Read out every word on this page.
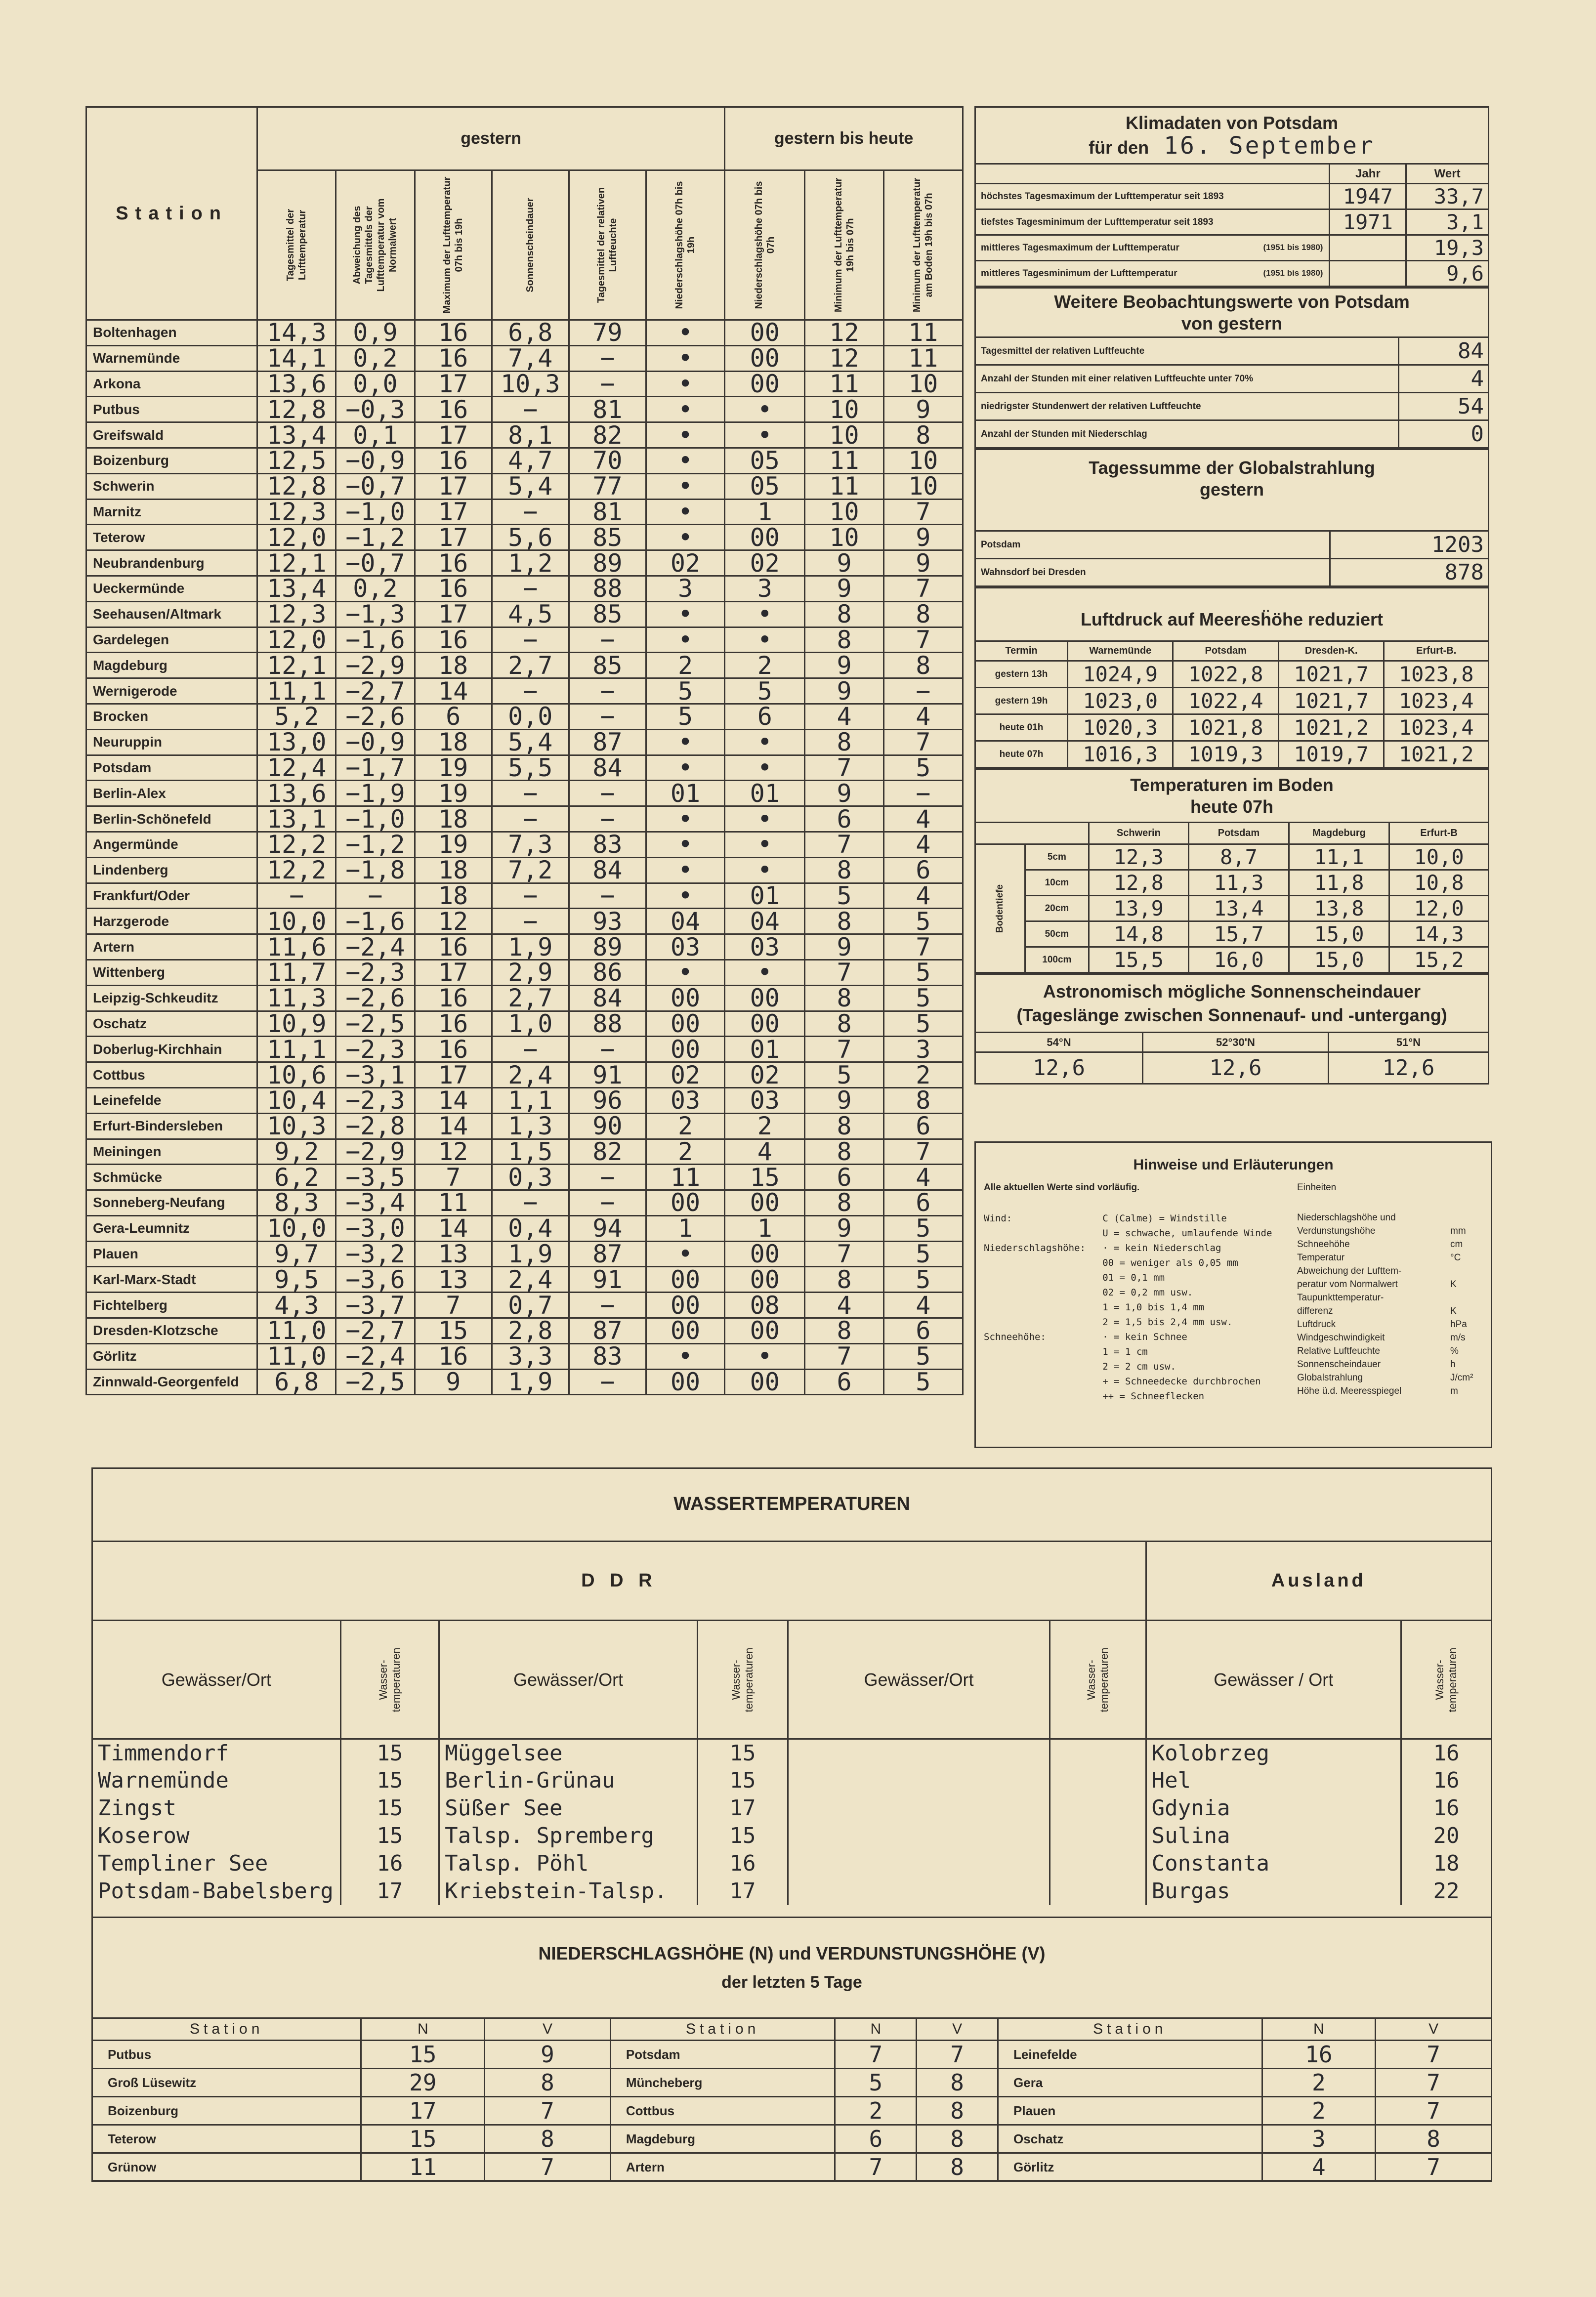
Station	gestern						gestern bis heute		

	Tagesmittel der Lufttemperatur	Abweichung des Tagesmittels der Lufttemperatur vom Normalwert	Maximum der Lufttemperatur 07h bis 19h	Sonnenscheindauer	Tagesmittel der relativen Luftfeuchte	Niederschlagshöhe 07h bis 19h	Niederschlagshöhe 07h bis 07h	Minimum der Lufttemperatur 19h bis 07h	Minimum der Lufttemperatur am Boden 19h bis 07h

Boltenhagen	14,3	0,9	16	6,8	79	•	00	12	11
Warnemünde	14,1	0,2	16	7,4	−	•	00	12	11
Arkona	13,6	0,0	17	10,3	−	•	00	11	10
Putbus	12,8	−0,3	16	−	81	•	•	10	9
Greifswald	13,4	0,1	17	8,1	82	•	•	10	8
Boizenburg	12,5	−0,9	16	4,7	70	•	05	11	10
Schwerin	12,8	−0,7	17	5,4	77	•	05	11	10
Marnitz	12,3	−1,0	17	−	81	•	1	10	7
Teterow	12,0	−1,2	17	5,6	85	•	00	10	9
Neubrandenburg	12,1	−0,7	16	1,2	89	02	02	9	9
Ueckermünde	13,4	0,2	16	−	88	3	3	9	7
Seehausen/Altmark	12,3	−1,3	17	4,5	85	•	•	8	8
Gardelegen	12,0	−1,6	16	−	−	•	•	8	7
Magdeburg	12,1	−2,9	18	2,7	85	2	2	9	8
Wernigerode	11,1	−2,7	14	−	−	5	5	9	−
Brocken	5,2	−2,6	6	0,0	−	5	6	4	4
Neuruppin	13,0	−0,9	18	5,4	87	•	•	8	7
Potsdam	12,4	−1,7	19	5,5	84	•	•	7	5
Berlin-Alex	13,6	−1,9	19	−	−	01	01	9	−
Berlin-Schönefeld	13,1	−1,0	18	−	−	•	•	6	4
Angermünde	12,2	−1,2	19	7,3	83	•	•	7	4
Lindenberg	12,2	−1,8	18	7,2	84	•	•	8	6
Frankfurt/Oder	−	−	18	−	−	•	01	5	4
Harzgerode	10,0	−1,6	12	−	93	04	04	8	5
Artern	11,6	−2,4	16	1,9	89	03	03	9	7
Wittenberg	11,7	−2,3	17	2,9	86	•	•	7	5
Leipzig-Schkeuditz	11,3	−2,6	16	2,7	84	00	00	8	5
Oschatz	10,9	−2,5	16	1,0	88	00	00	8	5
Doberlug-Kirchhain	11,1	−2,3	16	−	−	00	01	7	3
Cottbus	10,6	−3,1	17	2,4	91	02	02	5	2
Leinefelde	10,4	−2,3	14	1,1	96	03	03	9	8
Erfurt-Bindersleben	10,3	−2,8	14	1,3	90	2	2	8	6
Meiningen	9,2	−2,9	12	1,5	82	2	4	8	7
Schmücke	6,2	−3,5	7	0,3	−	11	15	6	4
Sonneberg-Neufang	8,3	−3,4	11	−	−	00	00	8	6
Gera-Leumnitz	10,0	−3,0	14	0,4	94	1	1	9	5
Plauen	9,7	−3,2	13	1,9	87	•	00	7	5
Karl-Marx-Stadt	9,5	−3,6	13	2,4	91	00	00	8	5
Fichtelberg	4,3	−3,7	7	0,7	−	00	08	4	4
Dresden-Klotzsche	11,0	−2,7	15	2,8	87	00	00	8	6
Görlitz	11,0	−2,4	16	3,3	83	•	•	7	5
Zinnwald-Georgenfeld	6,8	−2,5	9	1,9	−	00	00	6	5
Klimadaten von Potsdam
für den 16. September		

	Jahr	Wert
höchstes Tagesmaximum der Lufttemperatur seit 1893	1947	33,7
tiefstes Tagesminimum der Lufttemperatur seit 1893	1971	3,1
mittleres Tagesmaximum der Lufttemperatur (1951 bis 1980)		19,3
mittleres Tagesminimum der Lufttemperatur (1951 bis 1980)		9,6
Weitere Beobachtungswerte von Potsdam
von gestern	

Tagesmittel der relativen Luftfeuchte	84
Anzahl der Stunden mit einer relativen Luftfeuchte unter 70%	4
niedrigster Stundenwert der relativen Luftfeuchte	54
Anzahl der Stunden mit Niederschlag	0
Tagessumme der Globalstrahlung
gestern	

Potsdam	1203
Wahnsdorf bei Dresden	878
Luftdruck auf Meeresḧöhe reduziert				
Termin	Warnemünde	Potsdam	Dresden-K.	Erfurt-B.
gestern 13h	1024,9	1022,8	1021,7	1023,8
gestern 19h	1023,0	1022,4	1021,7	1023,4
heute 01h	1020,3	1021,8	1021,2	1023,4
heute 07h	1016,3	1019,3	1019,7	1021,2
Temperaturen im Boden
heute 07h					

		Schwerin	Potsdam	Magdeburg	Erfurt-B
Bodentiefe	5cm	12,3	8,7	11,1	10,0
	10cm	12,8	11,3	11,8	10,8
	20cm	13,9	13,4	13,8	12,0
	50cm	14,8	15,7	15,0	14,3
	100cm	15,5	16,0	15,0	15,2
Astronomisch mögliche Sonnenscheindauer
(Tageslänge zwischen Sonnenauf- und -untergang)		

54°N	52°30'N	51°N
12,6	12,6	12,6
Hinweise und Erläuterungen
Alle aktuellen Werte sind vorläufig.	Einheiten
Wind:                C (Calme) = Windstille
U = schwache, umlaufende Winde
Niederschlagshöhe:   · = kein Niederschlag
00 = weniger als 0,05 mm
01 = 0,1 mm
02 = 0,2 mm usw.
1 = 1,0 bis 1,4 mm
2 = 1,5 bis 2,4 mm usw.
Schneehöhe:          · = kein Schnee
1 = 1 cm
2 = 2 cm usw.
+ = Schneedecke durchbrochen
++ = Schneeflecken
Niederschlagshöhe und
Verdunstungshöhe	mm
Schneehöhe	cm
Temperatur	°C
Abweichung der Lufttem-
peratur vom Normalwert	K
Taupunkttemperatur-
differenz	K
Luftdruck	hPa
Windgeschwindigkeit	m/s
Relative Luftfeuchte	%
Sonnenscheindauer	h
Globalstrahlung	J/cm²
Höhe ü.d. Meeresspiegel	m
WASSERTEMPERATUREN
D D R						Ausland	
Gewässer/Ort	Wasser-temperaturen	Gewässer/Ort	Wasser-temperaturen	Gewässer/Ort	Wasser-temperaturen	Gewässer / Ort	Wasser-temperaturen
Timmendorf	15	Müggelsee	15			Kolobrzeg	16
Warnemünde	15	Berlin-Grünau	15			Hel	16
Zingst	15	Süßer See	17			Gdynia	16
Koserow	15	Talsp. Spremberg	15			Sulina	20
Templiner See	16	Talsp. Pöhl	16			Constanta	18
Potsdam-Babelsberg	17	Kriebstein-Talsp.	17			Burgas	22
NIEDERSCHLAGSHÖHE (N) und VERDUNSTUNGSHÖHE (V)
der letzten 5 Tage
Station	N	V	Station	N	V	Station	N	V
Putbus	15	9	Potsdam	7	7	Leinefelde	16	7
Groß Lüsewitz	29	8	Müncheberg	5	8	Gera	2	7
Boizenburg	17	7	Cottbus	2	8	Plauen	2	7
Teterow	15	8	Magdeburg	6	8	Oschatz	3	8
Grünow	11	7	Artern	7	8	Görlitz	4	7
